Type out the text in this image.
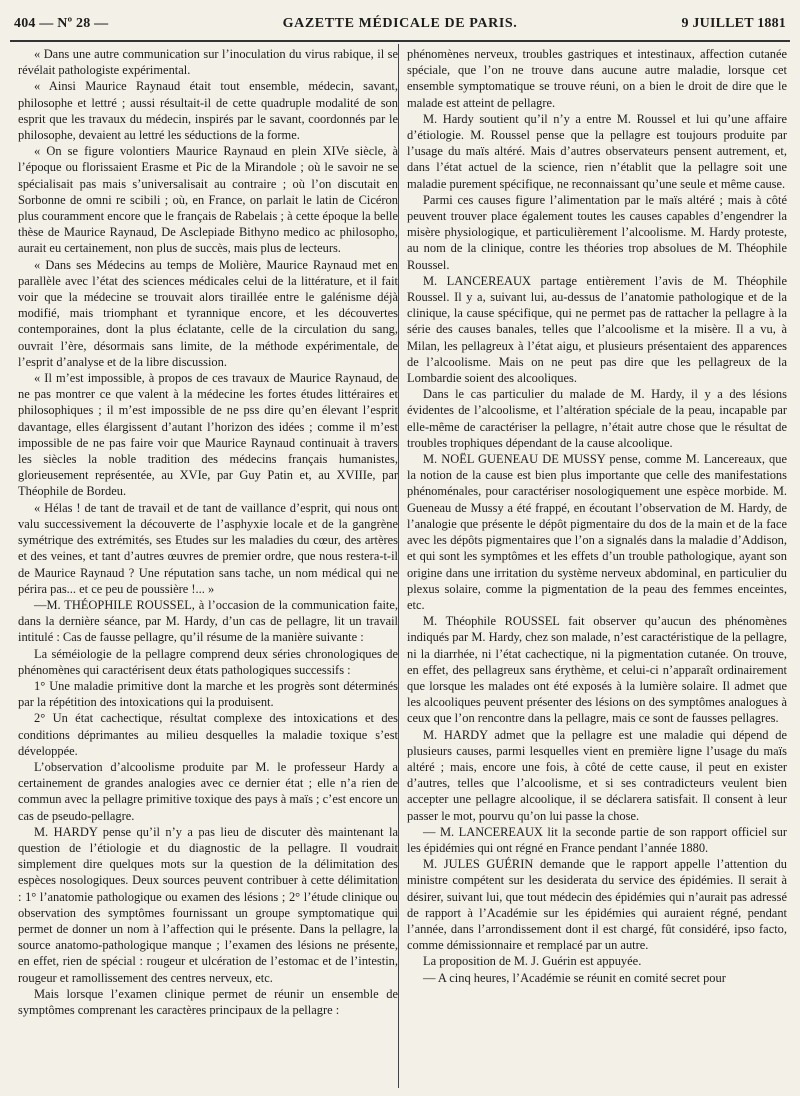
404 — Nº 28 —	GAZETTE MÉDICALE DE PARIS.	9 JUILLET 1881

« Dans une autre communication sur l’inoculation du virus rabique, il se révélait pathologiste expérimental.

« Ainsi Maurice Raynaud était tout ensemble, médecin, savant, philosophe et lettré ; aussi résultait-il de cette quadruple modalité de son esprit que les travaux du médecin, inspirés par le savant, coordonnés par le philosophe, devaient au lettré les séductions de la forme.

« On se figure volontiers Maurice Raynaud en plein XIVe siècle, à l’époque ou florissaient Erasme et Pic de la Mirandole ; où le savoir ne se spécialisait pas mais s’universalisait au contraire ; où l’on discutait en Sorbonne de omni re scibili ; où, en France, on parlait le latin de Cicéron plus couramment encore que le français de Rabelais ; à cette époque la belle thèse de Maurice Raynaud, De Asclepiade Bithyno medico ac philosopho, aurait eu certainement, non plus de succès, mais plus de lecteurs.

« Dans ses Médecins au temps de Molière, Maurice Raynaud met en parallèle avec l’état des sciences médicales celui de la littérature, et il fait voir que la médecine se trouvait alors tiraillée entre le galénisme déjà modifié, mais triomphant et tyrannique encore, et les découvertes contemporaines, dont la plus éclatante, celle de la circulation du sang, ouvrait l’ère, désormais sans limite, de la méthode expérimentale, de l’esprit d’analyse et de la libre discussion.

« Il m’est impossible, à propos de ces travaux de Maurice Raynaud, de ne pas montrer ce que valent à la médecine les fortes études littéraires et philosophiques ; il m’est impossible de ne pss dire qu’en élevant l’esprit davantage, elles élargissent d’autant l’horizon des idées ; comme il m’est impossible de ne pas faire voir que Maurice Raynaud continuait à travers les siècles la noble tradition des médecins français humanistes, glorieusement représentée, au XVIe, par Guy Patin et, au XVIIIe, par Théophile de Bordeu.

« Hélas ! de tant de travail et de tant de vaillance d’esprit, qui nous ont valu successivement la découverte de l’asphyxie locale et de la gangrène symétrique des extrémités, ses Etudes sur les maladies du cœur, des artères et des veines, et tant d’autres œuvres de premier ordre, que nous restera-t-il de Maurice Raynaud ? Une réputation sans tache, un nom médical qui ne périra pas... et ce peu de poussière !... »

—M. THÉOPHILE ROUSSEL, à l’occasion de la communication faite, dans la dernière séance, par M. Hardy, d’un cas de pellagre, lit un travail intitulé : Cas de fausse pellagre, qu’il résume de la manière suivante :

La séméiologie de la pellagre comprend deux séries chronologiques de phénomènes qui caractérisent deux états pathologiques successifs :

1° Une maladie primitive dont la marche et les progrès sont déterminés par la répétition des intoxications qui la produisent.

2° Un état cachectique, résultat complexe des intoxications et des conditions déprimantes au milieu desquelles la maladie toxique s’est développée.

L’observation d’alcoolisme produite par M. le professeur Hardy a certainement de grandes analogies avec ce dernier état ; elle n’a rien de commun avec la pellagre primitive toxique des pays à maïs ; c’est encore un cas de pseudo-pellagre.

M. HARDY pense qu’il n’y a pas lieu de discuter dès maintenant la question de l’étiologie et du diagnostic de la pellagre. Il voudrait simplement dire quelques mots sur la question de la délimitation des espèces nosologiques. Deux sources peuvent contribuer à cette délimitation : 1° l’anatomie pathologique ou examen des lésions ; 2° l’étude clinique ou observation des symptômes fournissant un groupe symptomatique qui permet de donner un nom à l’affection qui le présente. Dans la pellagre, la source anatomo-pathologique manque ; l’examen des lésions ne présente, en effet, rien de spécial : rougeur et ulcération de l’estomac et de l’intestin, rougeur et ramollissement des centres nerveux, etc.

Mais lorsque l’examen clinique permet de réunir un ensemble de symptômes comprenant les caractères principaux de la pellagre :

phénomènes nerveux, troubles gastriques et intestinaux, affection cutanée spéciale, que l’on ne trouve dans aucune autre maladie, lorsque cet ensemble symptomatique se trouve réuni, on a bien le droit de dire que le malade est atteint de pellagre.

M. Hardy soutient qu’il n’y a entre M. Roussel et lui qu’une affaire d’étiologie. M. Roussel pense que la pellagre est toujours produite par l’usage du maïs altéré. Mais d’autres observateurs pensent autrement, et, dans l’état actuel de la science, rien n’établit que la pellagre soit une maladie purement spécifique, ne reconnaissant qu’une seule et même cause.

Parmi ces causes figure l’alimentation par le maïs altéré ; mais à côté peuvent trouver place également toutes les causes capables d’engendrer la misère physiologique, et particulièrement l’alcoolisme. M. Hardy proteste, au nom de la clinique, contre les théories trop absolues de M. Théophile Roussel.

M. LANCEREAUX partage entièrement l’avis de M. Théophile Roussel. Il y a, suivant lui, au-dessus de l’anatomie pathologique et de la clinique, la cause spécifique, qui ne permet pas de rattacher la pellagre à la série des causes banales, telles que l’alcoolisme et la misère. Il a vu, à Milan, les pellagreux à l’état aigu, et plusieurs présentaient des apparences de l’alcoolisme. Mais on ne peut pas dire que les pellagreux de la Lombardie soient des alcooliques.

Dans le cas particulier du malade de M. Hardy, il y a des lésions évidentes de l’alcoolisme, et l’altération spéciale de la peau, incapable par elle-même de caractériser la pellagre, n’était autre chose que le résultat de troubles trophiques dépendant de la cause alcoolique.

M. NOËL GUENEAU DE MUSSY pense, comme M. Lancereaux, que la notion de la cause est bien plus importante que celle des manifestations phénoménales, pour caractériser nosologiquement une espèce morbide. M. Gueneau de Mussy a été frappé, en écoutant l’observation de M. Hardy, de l’analogie que présente le dépôt pigmentaire du dos de la main et de la face avec les dépôts pigmentaires que l’on a signalés dans la maladie d’Addison, et qui sont les symptômes et les effets d’un trouble pathologique, ayant son origine dans une irritation du système nerveux abdominal, en particulier du plexus solaire, comme la pigmentation de la peau des femmes enceintes, etc.

M. Théophile ROUSSEL fait observer qu’aucun des phénomènes indiqués par M. Hardy, chez son malade, n’est caractéristique de la pellagre, ni la diarrhée, ni l’état cachectique, ni la pigmentation cutanée. On trouve, en effet, des pellagreux sans érythème, et celui-ci n’apparaît ordinairement que lorsque les malades ont été exposés à la lumière solaire. Il admet que les alcooliques peuvent présenter des lésions on des symptômes analogues à ceux que l’on rencontre dans la pellagre, mais ce sont de fausses pellagres.

M. HARDY admet que la pellagre est une maladie qui dépend de plusieurs causes, parmi lesquelles vient en première ligne l’usage du maïs altéré ; mais, encore une fois, à côté de cette cause, il peut en exister d’autres, telles que l’alcoolisme, et si ses contradicteurs veulent bien accepter une pellagre alcoolique, il se déclarera satisfait. Il consent à leur passer le mot, pourvu qu’on lui passe la chose.

— M. LANCEREAUX lit la seconde partie de son rapport officiel sur les épidémies qui ont régné en France pendant l’année 1880.

M. JULES GUÉRIN demande que le rapport appelle l’attention du ministre compétent sur les desiderata du service des épidémies. Il serait à désirer, suivant lui, que tout médecin des épidémies qui n’aurait pas adressé de rapport à l’Académie sur les épidémies qui auraient régné, pendant l’année, dans l’arrondissement dont il est chargé, fût considéré, ipso facto, comme démissionnaire et remplacé par un autre.

La proposition de M. J. Guérin est appuyée.

— A cinq heures, l’Académie se réunit en comité secret pour
